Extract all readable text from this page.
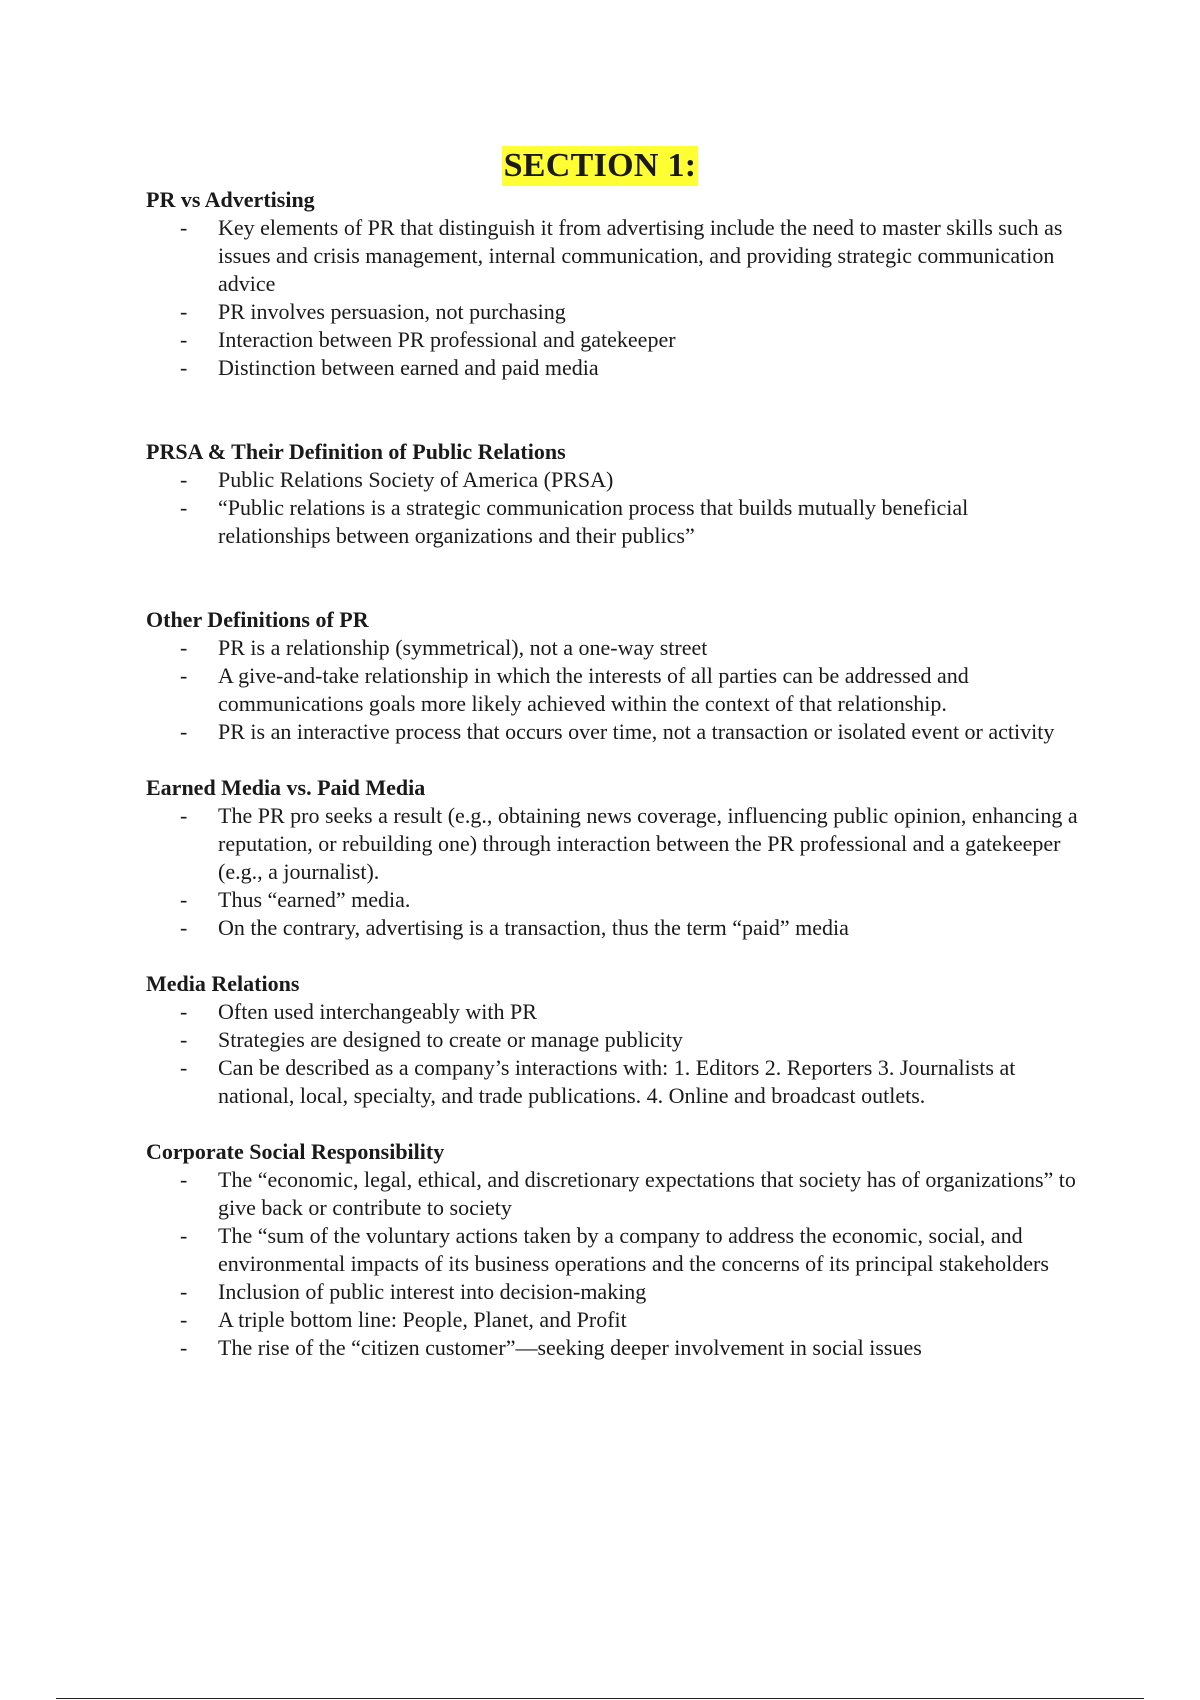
SECTION 1:
PR vs Advertising
- Key elements of PR that distinguish it from advertising include the need to master skills such as issues and crisis management, internal communication, and providing strategic communication advice
- PR involves persuasion, not purchasing
- Interaction between PR professional and gatekeeper
- Distinction between earned and paid media
PRSA & Their Definition of Public Relations
- Public Relations Society of America (PRSA)
- “Public relations is a strategic communication process that builds mutually beneficial relationships between organizations and their publics”
Other Definitions of PR
- PR is a relationship (symmetrical), not a one-way street
- A give-and-take relationship in which the interests of all parties can be addressed and communications goals more likely achieved within the context of that relationship.
- PR is an interactive process that occurs over time, not a transaction or isolated event or activity
Earned Media vs. Paid Media
- The PR pro seeks a result (e.g., obtaining news coverage, influencing public opinion, enhancing a reputation, or rebuilding one) through interaction between the PR professional and a gatekeeper (e.g., a journalist).
- Thus “earned” media.
- On the contrary, advertising is a transaction, thus the term “paid” media
Media Relations
- Often used interchangeably with PR
- Strategies are designed to create or manage publicity
- Can be described as a company’s interactions with: 1. Editors 2. Reporters 3. Journalists at national, local, specialty, and trade publications. 4. Online and broadcast outlets.
Corporate Social Responsibility
- The “economic, legal, ethical, and discretionary expectations that society has of organizations” to give back or contribute to society
- The “sum of the voluntary actions taken by a company to address the economic, social, and environmental impacts of its business operations and the concerns of its principal stakeholders
- Inclusion of public interest into decision-making
- A triple bottom line: People, Planet, and Profit
- The rise of the “citizen customer”—seeking deeper involvement in social issues
